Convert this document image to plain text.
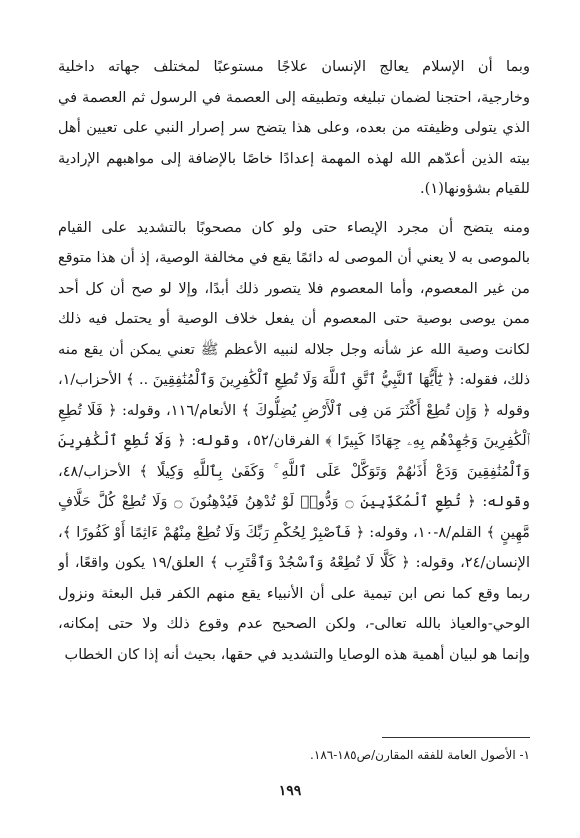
وبما أن الإسلام يعالج الإنسان علاجًا مستوعبًا لمختلف جهاته داخلية
وخارجية، احتجنا لضمان تبليغه وتطبيقه إلى العصمة في الرسول ثم العصمة في
الذي يتولى وظيفته من بعده، وعلى هذا يتضح سر إصرار النبي على تعيين أهل
بيته الذين أعدّهم الله لهذه المهمة إعدادًا خاصًا بالإضافة إلى مواهبهم الإرادية
للقيام بشؤونها(١).
ومنه يتضح أن مجرد الإيصاء حتى ولو كان مصحوبًا بالتشديد على القيام
بالموصى به لا يعني أن الموصى له دائمًا يقع في مخالفة الوصية، إذ أن هذا متوقع
من غير المعصوم، وأما المعصوم فلا يتصور ذلك أبدًا، وإلا لو صح أن كل أحد
ممن يوصى بوصية حتى المعصوم أن يفعل خلاف الوصية أو يحتمل فيه ذلك
لكانت وصية الله عز شأنه وجل جلاله لنبيه الأعظم ﷺ تعني يمكن أن يقع منه
ذلك، فقوله: ﴿ يَٰٓأَيُّهَا ٱلنَّبِيُّ ٱتَّقِ ٱللَّهَ وَلَا تُطِعِ ٱلْكَٰفِرِينَ وَٱلْمُنَٰفِقِينَ .. ﴾ الأحزاب/١،
وقوله ﴿ وَإِن تُطِعْ أَكْثَرَ مَن فِى ٱلْأَرْضِ يُضِلُّوكَ ﴾ الأنعام/١١٦، وقوله: ﴿ فَلَا تُطِعِ
ٱلْكَٰفِرِينَ وَجَٰهِدْهُم بِهِۦ جِهَادًا كَبِيرًا ﴾ الفرقان/٥٢، وقوله: ﴿ وَلَا تُطِعِ ٱلْكَٰفِرِينَ
وَٱلْمُنَٰفِقِينَ وَدَعْ أَذَىٰهُمْ وَتَوَكَّلْ عَلَى ٱللَّهِ ۚ وَكَفَىٰ بِٱللَّهِ وَكِيلًا ﴾ الأحزاب/٤٨،
وقوله: ﴿ تُطِعِ ٱلْمُكَذِّبِينَ ۝ وَدُّوا۟ لَوْ تُدْهِنُ فَيُدْهِنُونَ ۝ وَلَا تُطِعْ كُلَّ حَلَّافٍ
مَّهِينٍ ﴾ القلم/٨-١٠، وقوله: ﴿ فَٱصْبِرْ لِحُكْمِ رَبِّكَ وَلَا تُطِعْ مِنْهُمْ ءَاثِمًا أَوْ كَفُورًا ﴾،
الإنسان/٢٤، وقوله: ﴿ كَلَّا لَا تُطِعْهُ وَٱسْجُدْ وَٱقْتَرِب ﴾ العلق/١٩ يكون واقعًا، أو
ربما وقع كما نص ابن تيمية على أن الأنبياء يقع منهم الكفر قبل البعثة ونزول
الوحي-والعياذ بالله تعالى-، ولكن الصحيح عدم وقوع ذلك ولا حتى إمكانه،
وإنما هو لبيان أهمية هذه الوصايا والتشديد في حقها، بحيث أنه إذا كان الخطاب
١- الأصول العامة للفقه المقارن/ص١٨٥-١٨٦.
١٩٩
